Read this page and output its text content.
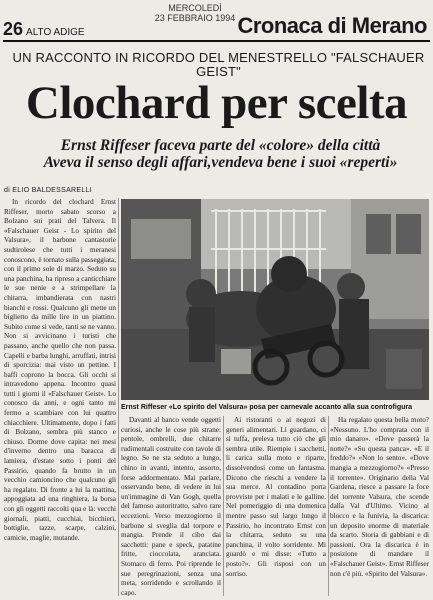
MERCOLEDÌ
23 FEBBRAIO 1994
26 ALTO ADIGE	Cronaca di Merano
UN RACCONTO IN RICORDO DEL MENESTRELLO "FALSCHAUER GEIST"
Clochard per scelta
Ernst Riffeser faceva parte del «colore» della città
Aveva il senso degli affari,vendeva bene i suoi «reperti»
di ELIO BALDESSARELLI

In ricordo del clochard Ernst Riffeser, morto sabato scorso a Bolzano sui prati del Talvera. Il «Falschauer Geist - Lo spirito del Valsura», il barbone cantastorie sudtirolese che tutti i meranesi conoscono, è tornato sulla passeggiata, con il primo sole di marzo. Seduto su una panchina, ha ripreso a canticchiare le sue nenie e a strimpellare la chitarra, imbandierata con nastri bianchi e rossi. Qualcuno gli mette un biglietto da mille lire in un piattino. Subito come si vede, tanti se ne vanno. Non si avvicinano i turisti che passano, anche quello che non passa. Capelli e barba lunghi, arruffati, intrisi di sporcizia: mai visto un pettine. I baffi coprono la bocca. Gli occhi si intravedono appena. Incontro quasi tutti i giorni il «Falschauer Geist». Lo conosco da anni, e ogni tanto mi fermo a scambiare con lui quattro chiacchiere. Ultimamente, dopo i fatti di Bolzano, sembra più stanco e chiuso. Dorme dove capita: nei mesi d'inverno dentro una baracca di lamiera, d'estate sotto i ponti del Passirio, quando fa brutto in un vecchio camioncino che qualcuno gli ha regalato. Di fronte a lui la mattina, appoggiata ad una ringhiera, la borsa con gli oggetti raccolti qua e là: vecchi giornali, piatti, cucchiai, bicchieri, bottiglie, tazze, scarpe, calzini, camicie, maglie, mutande.

Ernst Riffeser «Lo spirito del Valsura» posa per carnevale accanto alla sua controfigura

Davanti al banco vende oggetti curiosi, anche le cose più strane: pentole, ombrelli, due chitarre rudimentali costruite con tavole di legno. Se ne sta seduto a lungo, chino in avanti, intento, assorto, forse addormentato. Mai parlare, osservando bene, di vedere in lui un'immagine di Van Gogh, quella del famoso autoritratto, salvo rare eccezioni. Verso mezzogiorno il barbone si sveglia dal torpore e mangia. Prende il cibo dai sacchetti: pane e speck, patatine fritte, cioccolata, aranciata. Stomaco di ferro. Poi riprende le sue peregrinazioni, senza una meta, sorridendo e scrollando il capo.

Ai ristoranti o ai negozi di generi alimentari. Lì guardano, ci si tuffa, preleva tutto ciò che gli sembra utile. Riempie i sacchetti, li carica sulla moto e riparte, dissolvendosi come un fantasma. Dicono che rieschi a vendere la sua merce. Al contadino porta provviste per i malati e le galline. Nel pomeriggio di una domenica mentre passo sul largo lungo il Passirio, ho incontrato Ernst con la chitarra, seduto su una panchina, il volto sorridente. Mi guardò e mi disse: «Tutto a posto?». Gli risposi con un sorriso.

Ha regalato questa bella moto? «Nessuno. L'ho comprata con il mio danaro». «Dove passerà la notte?» «Su questa panca». «E il freddo?» «Non lo sento». «Dove mangia a mezzogiorno?» «Presso il torrente». Originario della Val Gardena, riesce a passare la foce del torrente Valsura, che scende dalla Val d'Ultimo. Vicino al blocco e la funivia, la discarica: un deposito enorme di materiale da scarto. Storia di gabbiani e di passioni. Ora la discarica è in posizione di mandare il «Falschauer Geist». Ernst Riffeser non c'è più. «Spirito del Valsura».
